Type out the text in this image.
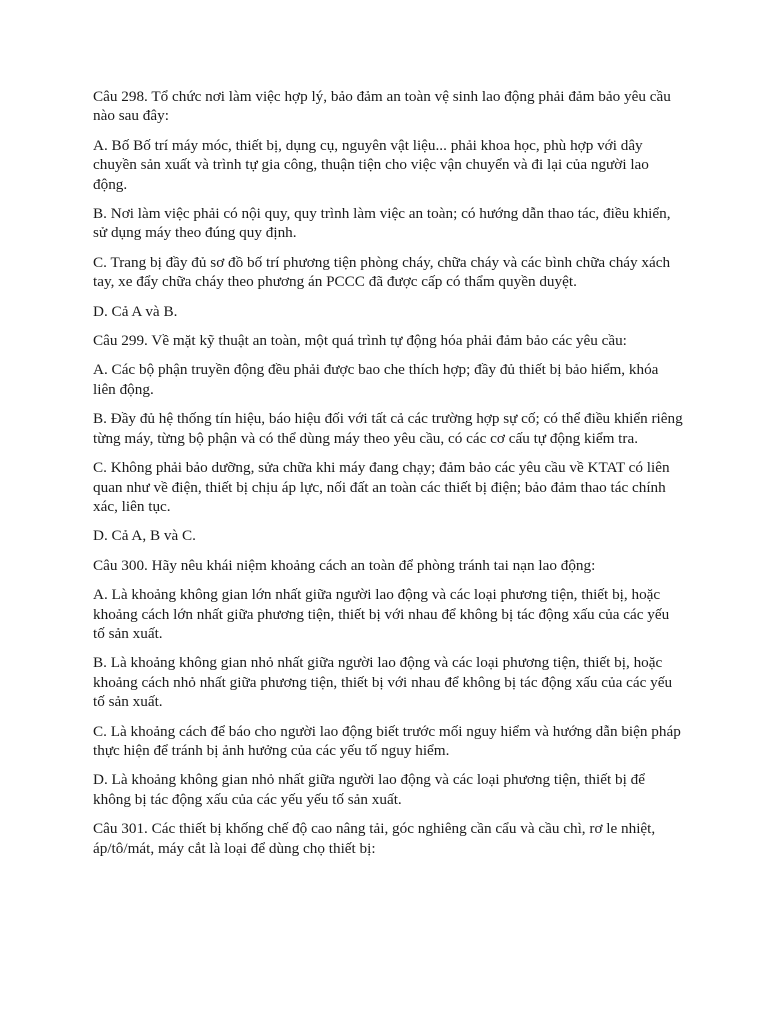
Câu 298. Tổ chức nơi làm việc hợp lý, bảo đảm an toàn vệ sinh lao động phải đảm bảo yêu cầu nào sau đây:

A. Bố Bố trí máy móc, thiết bị, dụng cụ, nguyên vật liệu... phải khoa học, phù hợp với dây chuyền sản xuất và trình tự gia công, thuận tiện cho việc vận chuyển và đi lại của người lao động.

B. Nơi làm việc phải có nội quy, quy trình làm việc an toàn; có hướng dẫn thao tác, điều khiển, sử dụng máy theo đúng quy định.

C. Trang bị đầy đủ sơ đồ bố trí phương tiện phòng cháy, chữa cháy và các bình chữa cháy xách tay, xe đẩy chữa cháy theo phương án PCCC đã được cấp có thẩm quyền duyệt.

D. Cả A và B.

Câu 299. Về mặt kỹ thuật an toàn, một quá trình tự động hóa phải đảm bảo các yêu cầu:

A. Các bộ phận truyền động đều phải được bao che thích hợp; đầy đủ thiết bị bảo hiểm, khóa liên động.

B. Đầy đủ hệ thống tín hiệu, báo hiệu đối với tất cả các trường hợp sự cố; có thể điều khiển riêng từng máy, từng bộ phận và có thể dùng máy theo yêu cầu, có các cơ cấu tự động kiểm tra.

C. Không phải bảo dưỡng, sửa chữa khi máy đang chạy; đảm bảo các yêu cầu về KTAT có liên quan như về điện, thiết bị chịu áp lực, nối đất an toàn các thiết bị điện; bảo đảm thao tác chính xác, liên tục.

D. Cả A, B và C.

Câu 300. Hãy nêu khái niệm khoảng cách an toàn để phòng tránh tai nạn lao động:

A. Là khoảng không gian lớn nhất giữa người lao động và các loại phương tiện, thiết bị, hoặc khoảng cách lớn nhất giữa phương tiện, thiết bị với nhau để không bị tác động xấu của các yếu tố sản xuất.

B. Là khoảng không gian nhỏ nhất giữa người lao động và các loại phương tiện, thiết bị, hoặc khoảng cách nhỏ nhất giữa phương tiện, thiết bị với nhau để không bị tác động xấu của các yếu tố sản xuất.

C. Là khoảng cách để báo cho người lao động biết trước mối nguy hiểm và hướng dẫn biện pháp thực hiện để tránh bị ảnh hưởng của các yếu tố nguy hiểm.

D. Là khoảng không gian nhỏ nhất giữa người lao động và các loại phương tiện, thiết bị để không bị tác động xấu của các yếu yếu tố sản xuất.

Câu 301. Các thiết bị khống chế độ cao nâng tải, góc nghiêng cần cẩu và cầu chì, rơ le nhiệt, áp/tô/mát, máy cắt là loại để dùng chọ thiết bị:
